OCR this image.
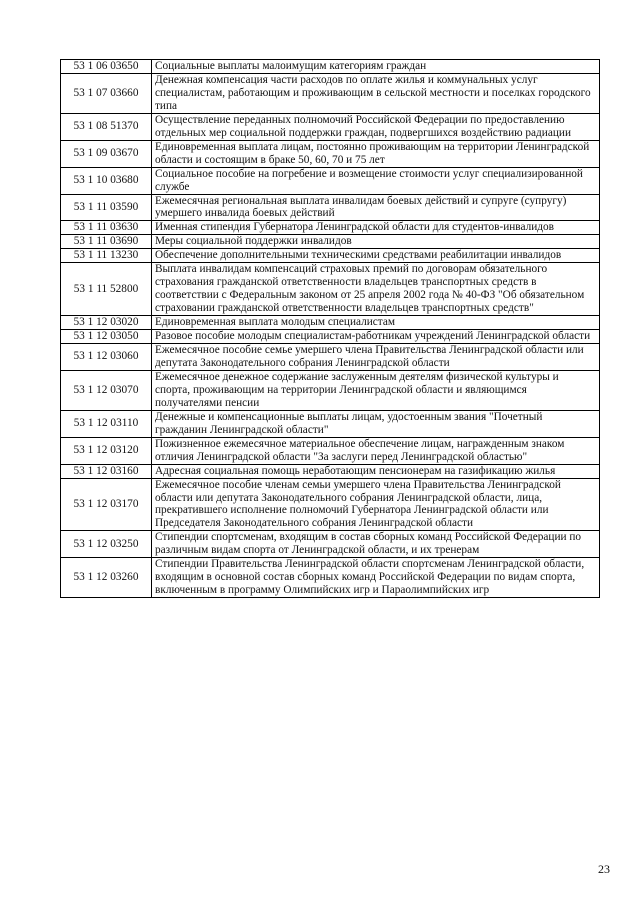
53 1 06 03650	Социальные выплаты малоимущим категориям граждан
53 1 07 03660	Денежная компенсация части расходов по оплате жилья и коммунальных услуг специалистам, работающим и проживающим в сельской местности и поселках городского типа
53 1 08 51370	Осуществление переданных полномочий Российской Федерации по предоставлению отдельных мер социальной поддержки граждан, подвергшихся воздействию радиации
53 1 09 03670	Единовременная выплата лицам, постоянно проживающим на территории Ленинградской области и состоящим в браке 50, 60, 70 и 75 лет
53 1 10 03680	Социальное пособие на погребение и возмещение стоимости услуг специализированной службе
53 1 11 03590	Ежемесячная региональная выплата инвалидам боевых действий и супруге (супругу) умершего инвалида боевых действий
53 1 11 03630	Именная стипендия Губернатора Ленинградской области для студентов-инвалидов
53 1 11 03690	Меры социальной поддержки инвалидов
53 1 11 13230	Обеспечение дополнительными техническими средствами реабилитации инвалидов
53 1 11 52800	Выплата инвалидам компенсаций страховых премий по договорам обязательного страхования гражданской ответственности владельцев транспортных средств в соответствии с Федеральным законом от 25 апреля 2002 года № 40-ФЗ "Об обязательном страховании гражданской ответственности владельцев транспортных средств"
53 1 12 03020	Единовременная выплата молодым специалистам
53 1 12 03050	Разовое пособие молодым специалистам-работникам учреждений Ленинградской области
53 1 12 03060	Ежемесячное пособие семье умершего члена Правительства Ленинградской области или депутата Законодательного собрания Ленинградской области
53 1 12 03070	Ежемесячное денежное содержание заслуженным деятелям физической культуры и спорта, проживающим на территории Ленинградской области и являющимся получателями пенсии
53 1 12 03110	Денежные и компенсационные выплаты лицам, удостоенным звания "Почетный гражданин Ленинградской области"
53 1 12 03120	Пожизненное ежемесячное материальное обеспечение лицам, награжденным знаком отличия Ленинградской области "За заслуги перед Ленинградской областью"
53 1 12 03160	Адресная социальная помощь неработающим пенсионерам на газификацию жилья
53 1 12 03170	Ежемесячное пособие членам семьи умершего члена Правительства Ленинградской области или депутата Законодательного собрания Ленинградской области, лица, прекратившего исполнение полномочий Губернатора Ленинградской области или Председателя Законодательного собрания Ленинградской области
53 1 12 03250	Стипендии спортсменам, входящим в состав сборных команд Российской Федерации по различным видам спорта от Ленинградской области, и их тренерам
53 1 12 03260	Стипендии Правительства Ленинградской области спортсменам Ленинградской области, входящим в основной состав сборных команд Российской Федерации по видам спорта, включенным в программу Олимпийских игр и Параолимпийских игр
23
